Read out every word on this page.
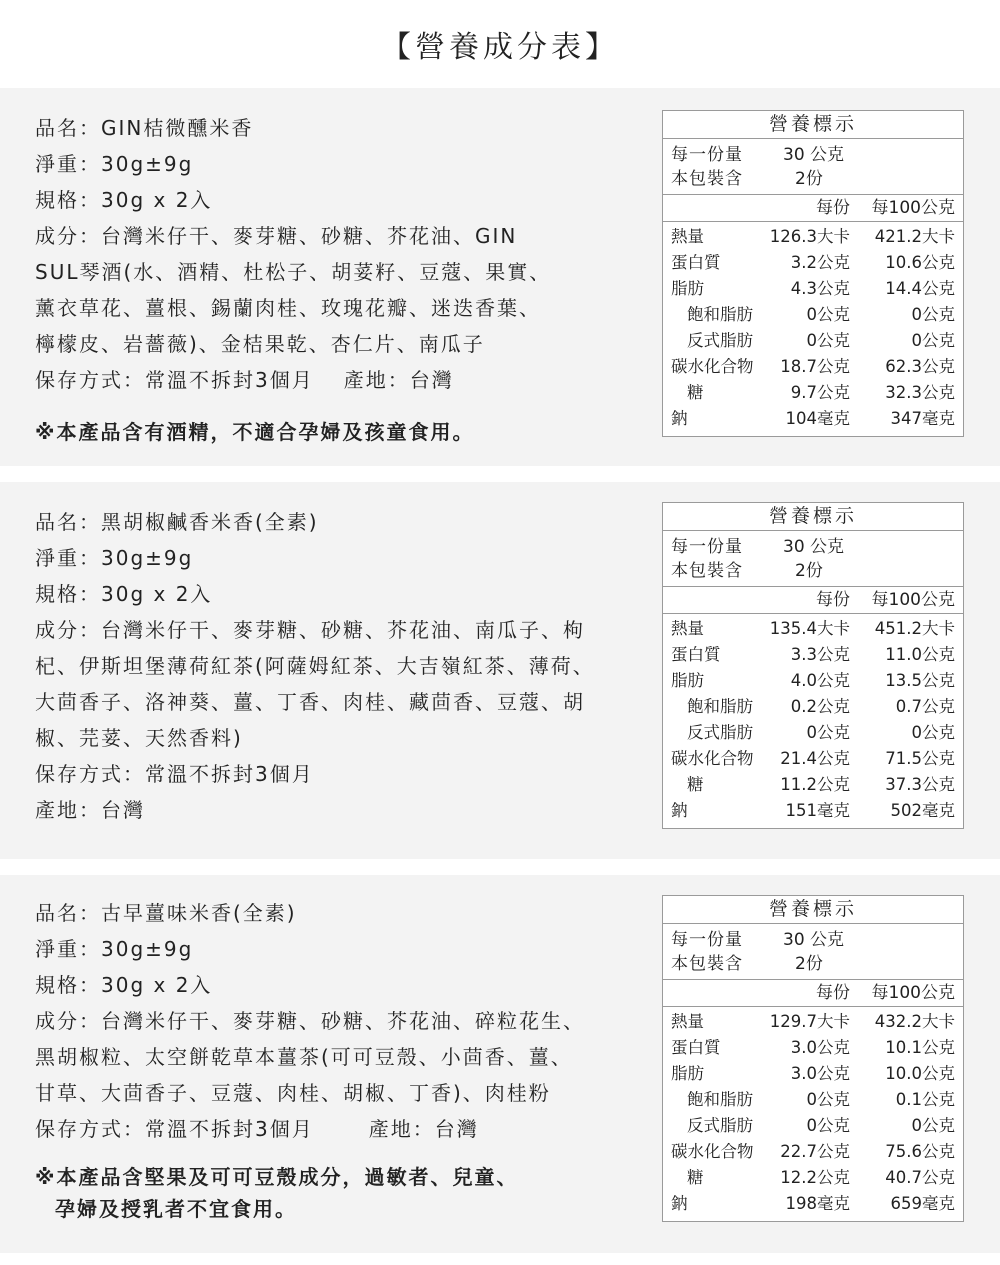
【營養成分表】
品名：GIN桔微醺米香
淨重：30g±9g
規格：30g x 2入
成分：台灣米仔干、麥芽糖、砂糖、芥花油、GIN
SUL琴酒(水、酒精、杜松子、胡荽籽、豆蔻、果實、
薰衣草花、薑根、錫蘭肉桂、玫瑰花瓣、迷迭香葉、
檸檬皮、岩薔薇)、金桔果乾、杏仁片、南瓜子
保存方式：常溫不拆封3個月 產地：台灣
※本產品含有酒精，不適合孕婦及孩童食用。
營養標示
每一份量 30 公克
本包裝含	2份
每份 每100公克
熱量	126.3大卡 421.2大卡
蛋白質	3.2公克 10.6公克
脂肪	4.3公克 14.4公克
飽和脂肪	0公克	0公克
反式脂肪	0公克	0公克
碳水化合物 18.7公克 62.3公克
糖	9.7公克 32.3公克
鈉	104毫克 347毫克
品名：黑胡椒鹹香米香(全素)
淨重：30g±9g
規格：30g x 2入
成分：台灣米仔干、麥芽糖、砂糖、芥花油、南瓜子、枸
杞、伊斯坦堡薄荷紅茶(阿薩姆紅茶、大吉嶺紅茶、薄荷、
大茴香子、洛神葵、薑、丁香、肉桂、藏茴香、豆蔻、胡
椒、芫荽、天然香料)
保存方式：常溫不拆封3個月
產地：台灣
營養標示
每一份量 30 公克
本包裝含	2份
每份 每100公克
熱量	135.4大卡 451.2大卡
蛋白質	3.3公克 11.0公克
脂肪	4.0公克 13.5公克
飽和脂肪 0.2公克	0.7公克
反式脂肪	0公克	0公克
碳水化合物 21.4公克 71.5公克
糖	11.2公克 37.3公克
鈉	151毫克 502毫克
品名：古早薑味米香(全素)
淨重：30g±9g
規格：30g x 2入
成分：台灣米仔干、麥芽糖、砂糖、芥花油、碎粒花生、
黑胡椒粒、太空餅乾草本薑茶(可可豆殼、小茴香、薑、
甘草、大茴香子、豆蔻、肉桂、胡椒、丁香)、肉桂粉
保存方式：常溫不拆封3個月	產地：台灣
※本產品含堅果及可可豆殼成分，過敏者、兒童、
孕婦及授乳者不宜食用。
營養標示
每一份量 30 公克
本包裝含	2份
每份 每100公克
熱量	129.7大卡 432.2大卡
蛋白質	3.0公克 10.1公克
脂肪	3.0公克 10.0公克
飽和脂肪	0公克	0.1公克
反式脂肪	0公克	0公克
碳水化合物 22.7公克 75.6公克
糖	12.2公克 40.7公克
鈉	198毫克 659毫克
